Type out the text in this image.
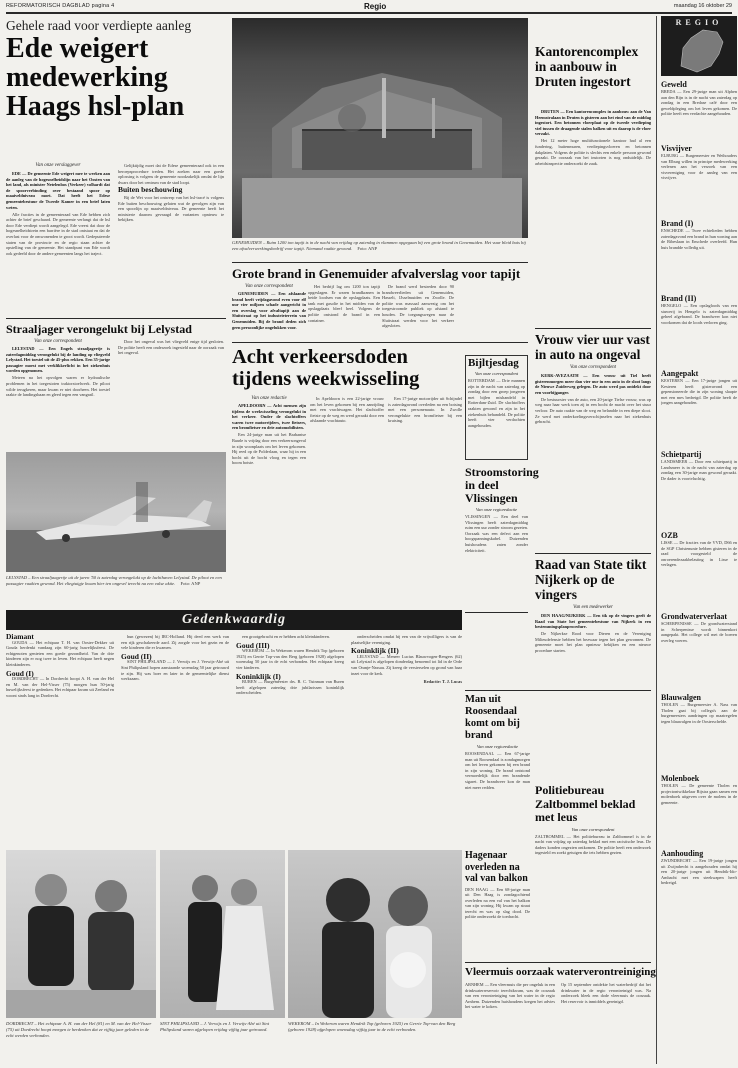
REFORMATORISCH DAGBLAD pagina 4	Regio	maandag 16 oktober 29
Gehele raad voor verdiepte aanleg
Ede weigert medewerking Haags hsl-plan
Van onze verslaggever

EDE — De gemeente Ede weigert mee te werken aan de aanleg van de hogesnelheidslijn naar het Oosten van het land, als minister Netelenbos (Verkeer) volhardt dat de spoorverbinding over bestaand spoor op maaiveldniveau moet. Dat heeft het Edese gemeentebestuur de Tweede Kamer in een brief laten weten.

Alle fracties in de gemeenteraad van Ede hebben zich achter de brief geschaard. De gemeente verlangt dat de hsl door Ede verdiept wordt aangelegd. Ede vreest dat door de hogesnelheidstrein een barrière in de stad ontstaat en dat de overlast voor de omwonenden te groot wordt. Gedeputeerde staten van de provincie en de regio staan achter de opstelling van de gemeente. Het standpunt van Ede wordt ook gedeeld door de andere gemeenten langs het traject.

Gelijktijdig moet dat de Edese gemeenteraad ook in een beroepsprocedure treden. Het zoeken naar een goede oplossing is volgens de gemeente noodzakelijk omdat de lijn dwars door het centrum van de stad loopt.

Buiten beschouwing

Bij de Wet voor het ontwerp van het hsl-tracé is volgens Ede buiten beschouwing gelaten wat de gevolgen zijn van een spoorlijn op maaiveldniveau. De gemeente heeft het ministerie daarom gevraagd de varianten opnieuw te bekijken.

GENEMUIDEN – Ruim 1200 ton tapijt is in de nacht van vrijdag op zaterdag in vlammen opgegaan bij een grote brand in Genemuiden. Het vuur bleid buis bij een afvalverwerkingsbedrijf voor tapijt. Niemand raakte gewond. Foto: ANP
Grote brand in Genemuider afvalverslag voor tapijt
Van onze correspondent

GENEMUIDEN — Een afslaande brand heeft vrijdagavond even voor elf uur vier miljoen schade aangericht in een overslag voor afvaltapijt aan de Sluitstraat op het industrieterrein van Genemuiden. Bij de brand deden zich geen persoonlijke ongelukken voor.

Het bedrijf lag om 1200 ton tapijt opgeslagen. Er waren brandkranen in beide loodsen van de opslagplaats. Een tank met gasolie in het midden van de opslagplaats bleef heel. Volgens de politie ontstond de brand in een container.

De brand werd bestreden door 90 brandweerlieden uit Genemuiden, Hasselt, IJsselmuiden en Zwolle. De politie was massaal aanwezig om het toegestroomde publiek op afstand te houden. De toegangswegen naar de Sluitstraat werden voor het verkeer afgesloten.

Straaljager verongelukt bij Lelystad
Van onze correspondent

LELYSTAD — Een Engels straaljagertje is zaterdagmiddag verongelukt bij de landing op vliegveld Lelystad. Het toestel uit de 45-plus rekken. Een 35-jarige passagier moest met verklikkerlicht in het ziekenhuis worden opgenomen.

Meteen na het opvolgen waren er hydraulische problemen in het toegestoten traktorstoelwerk. De piloot wilde terugkeren, maar kwam er niet doorheen. Het toestel raakte de landingsbaan en gleed tegen een vangrail.

Door het ongeval was het vliegveld enige tijd gesloten. De politie heeft een onderzoek ingesteld naar de oorzaak van het ongeval.

LELYSTAD – Een straaljaagertje uit de jaren '50 is zaterdag verongelukt op de luchthaven Lelystad. De piloot en een passagier raakten gewond. Het vliegtuigje kwam hier ten ongevel terecht na een valse aktie. Foto: ANP
Acht verkeersdoden tijdens weekwisseling
Van onze redactie

APELDOORN — Acht mensen zijn tijdens de weekwisseling verongelukt in het verkeer. Onder de slachtoffers waren twee motorrijders, twee fietsers, een bromfietser en drie automobilisten.

Een 24-jarige man uit het Brabantse Baarle is vrijdag door een verkeersongeval in zijn woonplaats om het leven gekomen. Hij reed op de Polderlaan, waar hij in een bocht uit de bocht vloog en tegen een boom botste.

In Apeldoorn is een 22-jarige vrouw om het leven gekomen bij een aanrijding met een vrachtwagen. Het slachtoffer fietste op de weg en werd geraakt door een afslaande vrachtauto.

Een 17-jarige motorrijder uit Schijndel is zaterdagavond overleden na een botsing met een personenauto. In Zwolle verongelukte een bromfietser bij een kruising.

Bijltjesdag
Van onze correspondent
ROTTERDAM — Drie mannen zijn in de nacht van zaterdag op zondag door een groep jongeren met bijlen mishandeld in Rotterdam-Zuid. De slachtoffers raakten gewond en zijn in het ziekenhuis behandeld. De politie heeft vier verdachten aangehouden.
Stroomstoring in deel Vlissingen
Van onze regioredactie
VLISSINGEN — Een deel van Vlissingen heeft zaterdagmiddag ruim een uur zonder stroom gezeten. Oorzaak was een defect aan een hoogspanningskabel. Duizenden huishoudens zaten zonder elektriciteit.
Gedenkwaardig
Diamant

GOUDA — Het echtpaar T. H. van Ooster-Dekker uit Gouda herdenkt vandaag zijn 60-jarig huwelijksfeest. De echtgenoten genieten een goede gezondheid. Van de drie kinderen zijn er nog twee in leven. Het echtpaar heeft negen kleinkinderen.

Goud (I)

DORDRECHT — In Dordrecht hoopt A. H. van der Hel en M. van der Hel-Visser (75) morgen hun 50-jarig huwelijksfeest te gedenken. Het echtpaar kwam uit Zeeland en woont sinds lang in Dordrecht.

hun (gewezen) bij IRC-Holland. Hij deed een werk van een rijk geschakeerde aard. Zij zorgde voor het gezin en de vele kinderen die er kwamen.

Goud (II)

SINT PHILIPSLAND — J. Verwijs en J. Verwijs-Abé uit Sint Philipsland hopen aanstaande woensdag 50 jaar getrouwd te zijn. Hij was boer en later in de gemeentelijke dienst werkzaam.

een grootgebracht en er hebben acht kleinkinderen.

Goud (III)

WEKEROM — In Wekerom waren Hendrik Top (geboren 1925) en Gerrie Top-van den Berg (geboren 1928) afgelopen woensdag 50 jaar in de echt verbonden. Het echtpaar kreeg vier kinderen.

Koninklijk (I)

BUREN — Burgemeester drs. B. C. Tuinman van Buren heeft afgelopen zaterdag drie jubilarissen koninklijk onderscheiden.

onderscheiden omdat hij een van de vrijwilligers is van de plaatselijke vereniging.

Koninklijk (II)

LELYSTAD — Meneer Lucius Blauwvogen-Rengers (62) uit Lelystad is afgelopen donderdag benoemd tot lid in de Orde van Oranje-Nassau. Zij kreeg de versierselen op grond van haar inzet voor de kerk.

Redactie: T. J. Lucas

DORDRECHT – Het echtpaar A. H. van der Hel (81) en M. van der Hel-Visser (75) uit Dordrecht hoopt morgen te herdenken dat ze vijftig jaar geleden in de echt werden verbonden.
SINT PHILIPSLAND – J. Verwijs en J. Verwijs-Abé uit Sint Philipsland waren afgelopen vrijdag vijftig jaar getrouwd.
WEKEROM – In Wekerom waren Hendrik Top (geboren 1925) en Gerrie Top-van den Berg (geboren 1928) afgelopen woensdag vijftig jaar in de echt verbonden.
Kantorencomplex in aanbouw in Druten ingestort

DRUTEN — Een kantorencomplex in aanbouw aan de Van Heemstralaan in Druten is gisteren aan het eind van de middag ingestort. Een betonnen vloerplaat op de tweede verdieping viel tussen de draagende stalen balken uit en daarop is de vloer verzakt.

Het 12 meter hoge multifunctionele kantoor had al een fundering, buitenmuren, verdiepingsvloeren en betonnen dakplaten. Volgens de politie is slechts een enkele persoon gewond geraakt. De oorzaak van het instorten is nog onduidelijk. De arbeidsinspectie onderzoekt de zaak.

Vrouw vier uur vast in auto na ongeval
Van onze correspondent

KERK-AVEZAATH — Een vrouw uit Tiel heeft gisterenmorgen meer dan vier uur in een auto in de sloot langs de Nieuwe Zuiderweg gelegen. De auto werd pas ontdekt door een voorbijganger.

De bestuurster van de auto, een 20-jarige Tielse vrouw, was op weg naar haar werk toen zij in een bocht de macht over het stuur verloor. De auto raakte van de weg en belandde in een diepe sloot. Ze werd met onderkoelingsverschijnselen naar het ziekenhuis gebracht.

Raad van State tikt Nijkerk op de vingers
Van een medewerker

DEN HAAG/NIJKERK — Een tik op de vingers geeft de Raad van State het gemeentebestuur van Nijkerk in een bestemmingsplanprocedure.

De Nijkerkse Rood voor Dieren en de Vereniging Milieudefensie hebben het bezwaar tegen het plan gewonnen. De gemeente moet het plan opnieuw bekijken en een nieuwe procedure starten.

Man uit Roosendaal komt om bij brand
Van onze regioredactie
ROOSENDAAL — Een 67-jarige man uit Roosendaal is zondagmorgen om het leven gekomen bij een brand in zijn woning. De brand ontstond vermoedelijk door een brandende sigaret. De brandweer kon de man niet meer redden.	Politiebureau Zaltbommel beklad met leus
Van onze correspondent
ZALTBOMMEL — Het politiebureau in Zaltbommel is in de nacht van vrijdag op zaterdag beklad met een racistische leus. De daders konden ongezien ontkomen. De politie heeft een onderzoek ingesteld en zoekt getuigen die iets hebben gezien.
Hagenaar overleden na val van balkon
DEN HAAG — Een 68-jarige man uit Den Haag is zondagochtend overleden na een val van het balkon van zijn woning. Hij kwam op straat terecht en was op slag dood. De politie onderzoekt de toedracht.
Vleermuis oorzaak waterverontreiniging
ARNHEM — Een vleermuis die per ongeluk in een drinkwaterreservoir terechtkwam, was de oorzaak van een verontreiniging van het water in de regio Arnhem. Duizenden huishoudens kregen het advies het water te koken.
Op 15 september ontdekte het waterbedrijf dat het drinkwater in de regio verontreinigd was. Na onderzoek bleek een dode vleermuis de oorzaak. Het reservoir is inmiddels gereinigd.
REGIO
Geweld
BREDA — Een 29-jarige man uit Alphen aan den Rijn is in de nacht van zaterdag op zondag in een Bredase café door een geweldpleging om het leven gekomen. De politie heeft een verdachte aangehouden.
Visvijver
ELBURG — Burgemeester en Wethouders van Elburg willen in principe medewerking verlenen aan het verzoek van een visvereniging voor de aanleg van een visvijver.
Brand (I)
ENSCHEDE — Twee echtelieden hebben zaterdagavond een brand in hun woning aan de Ribeslaan in Enschede overleefd. Hun huis brandde volledig uit.
Brand (II)
HENGELO — Een opslagloods van een stuwerij in Hengelo is zaterdagmiddag geheel afgebrand. De brandweer kon niet voorkomen dat de loods verloren ging.
Aangepakt
KESTEREN — Een 17-jarige jongen uit Kesteren heeft gisteravond een gepensioneerde die in zijn woning slaapte met een mes bedreigd. De politie heeft de jongen aangehouden.
Schietpartij
LANDSMEER — Door een schietpartij in Landsmeer is in de nacht van zaterdag op zondag een 30-jarige man gewond geraakt. De dader is voortvluchtig.
OZB
LISSE — De fracties van de VVD, D66 en de SGP Christenunie hebben gisteren in de raad voorgesteld de onroerendezaakbelasting in Lisse te verlagen.
Grondwaterverlaat
SCHERPENISSE — De grondwaterstand in Scherpenisse wordt binnenkort aangepakt. Het college wil met de boeren overleg voeren.
Blauwalgen
THOLEN — Burgemeester A. Nass van Tholen gaat bij collega's aan de burgemeesters aandringen op maatregelen tegen blauwalgen in de Oosterschelde.
Molenboek
THOLEN — De gemeente Tholen en projectontwikkelaar Rijstra gaan samen een molenboek uitgeven over de molens in de gemeente.
Aanhouding
ZWIJNDRECHT — Een 19-jarige jongen uit Zwijndrecht is aangehouden omdat hij een 20-jarige jongen uit Hendrik-Ido-Ambacht met een steekwapen heeft bedreigd.
